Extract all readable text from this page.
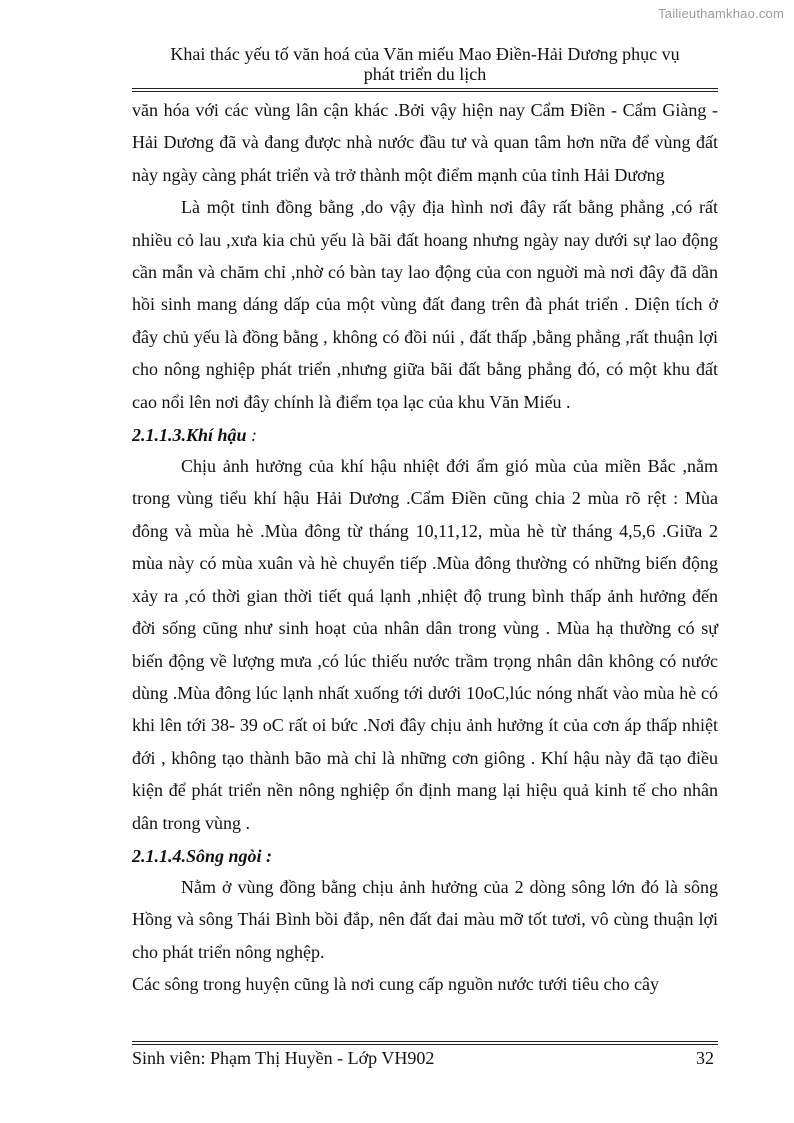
Tailieuthamkhao.com
Khai thác yếu tố văn hoá của Văn miếu Mao Điền-Hải Dương phục vụ
phát triển du lịch

văn hóa với các vùng lân cận khác .Bởi vậy hiện nay Cẩm Điền - Cẩm Giàng - Hải Dương đã và đang được nhà nước đầu tư và quan tâm hơn nữa để vùng đất này ngày càng phát triển và trở thành một điểm mạnh của tỉnh Hải Dương

Là một tỉnh đồng bằng ,do vậy địa hình nơi đây rất bằng phẳng ,có rất nhiều cỏ lau ,xưa kia chủ yếu là bãi đất hoang nhưng ngày nay dưới sự lao động cần mẫn và chăm chỉ ,nhờ có bàn tay lao động của con nguời mà nơi đây đã dần hồi sinh mang dáng dấp của một vùng đất đang trên đà phát triển . Diện tích ở đây chủ yếu là đồng bằng , không có đồi núi , đất thấp ,bằng phẳng ,rất thuận lợi cho nông nghiệp phát triển ,nhưng giữa bãi đất bằng phẳng đó, có một khu đất cao nổi lên nơi đây chính là điểm tọa lạc của khu Văn Miếu .

2.1.1.3.Khí hậu :

Chịu ảnh hưởng của khí hậu nhiệt đới ẩm gió mùa của miền Bắc ,nằm trong vùng tiểu khí hậu Hải Dương .Cẩm Điền cũng chia 2 mùa rõ rệt : Mùa đông và mùa hè .Mùa đông từ tháng 10,11,12, mùa hè từ tháng 4,5,6 .Giữa 2 mùa này có mùa xuân và hè chuyển tiếp .Mùa đông thường có những biến động xảy ra ,có thời gian thời tiết quá lạnh ,nhiệt độ trung bình thấp ảnh hưởng đến đời sống cũng như sinh hoạt của nhân dân trong vùng . Mùa hạ thường có sự biến động về lượng mưa ,có lúc thiếu nước trầm trọng nhân dân không có nước dùng .Mùa đông lúc lạnh nhất xuống tới dưới 10oC,lúc nóng nhất vào mùa hè có khi lên tới 38- 39 oC rất oi bức .Nơi đây chịu ảnh hưởng ít của cơn áp thấp nhiệt đới , không tạo thành bão mà chỉ là những cơn giông . Khí hậu này đã tạo điều kiện để phát triển nền nông nghiệp ổn định mang lại hiệu quả kinh tế cho nhân dân trong vùng .

2.1.1.4.Sông ngòi :

Nằm ở vùng đồng bằng chịu ảnh hưởng của 2 dòng sông lớn đó là sông Hồng và sông Thái Bình bồi đắp, nên đất đai màu mỡ tốt tươi, vô cùng thuận lợi cho phát triển nông nghệp.

Các sông trong huyện cũng là nơi cung cấp nguồn nước tưới tiêu cho cây

Sinh viên: Phạm Thị Huyền - Lớp VH902	32
